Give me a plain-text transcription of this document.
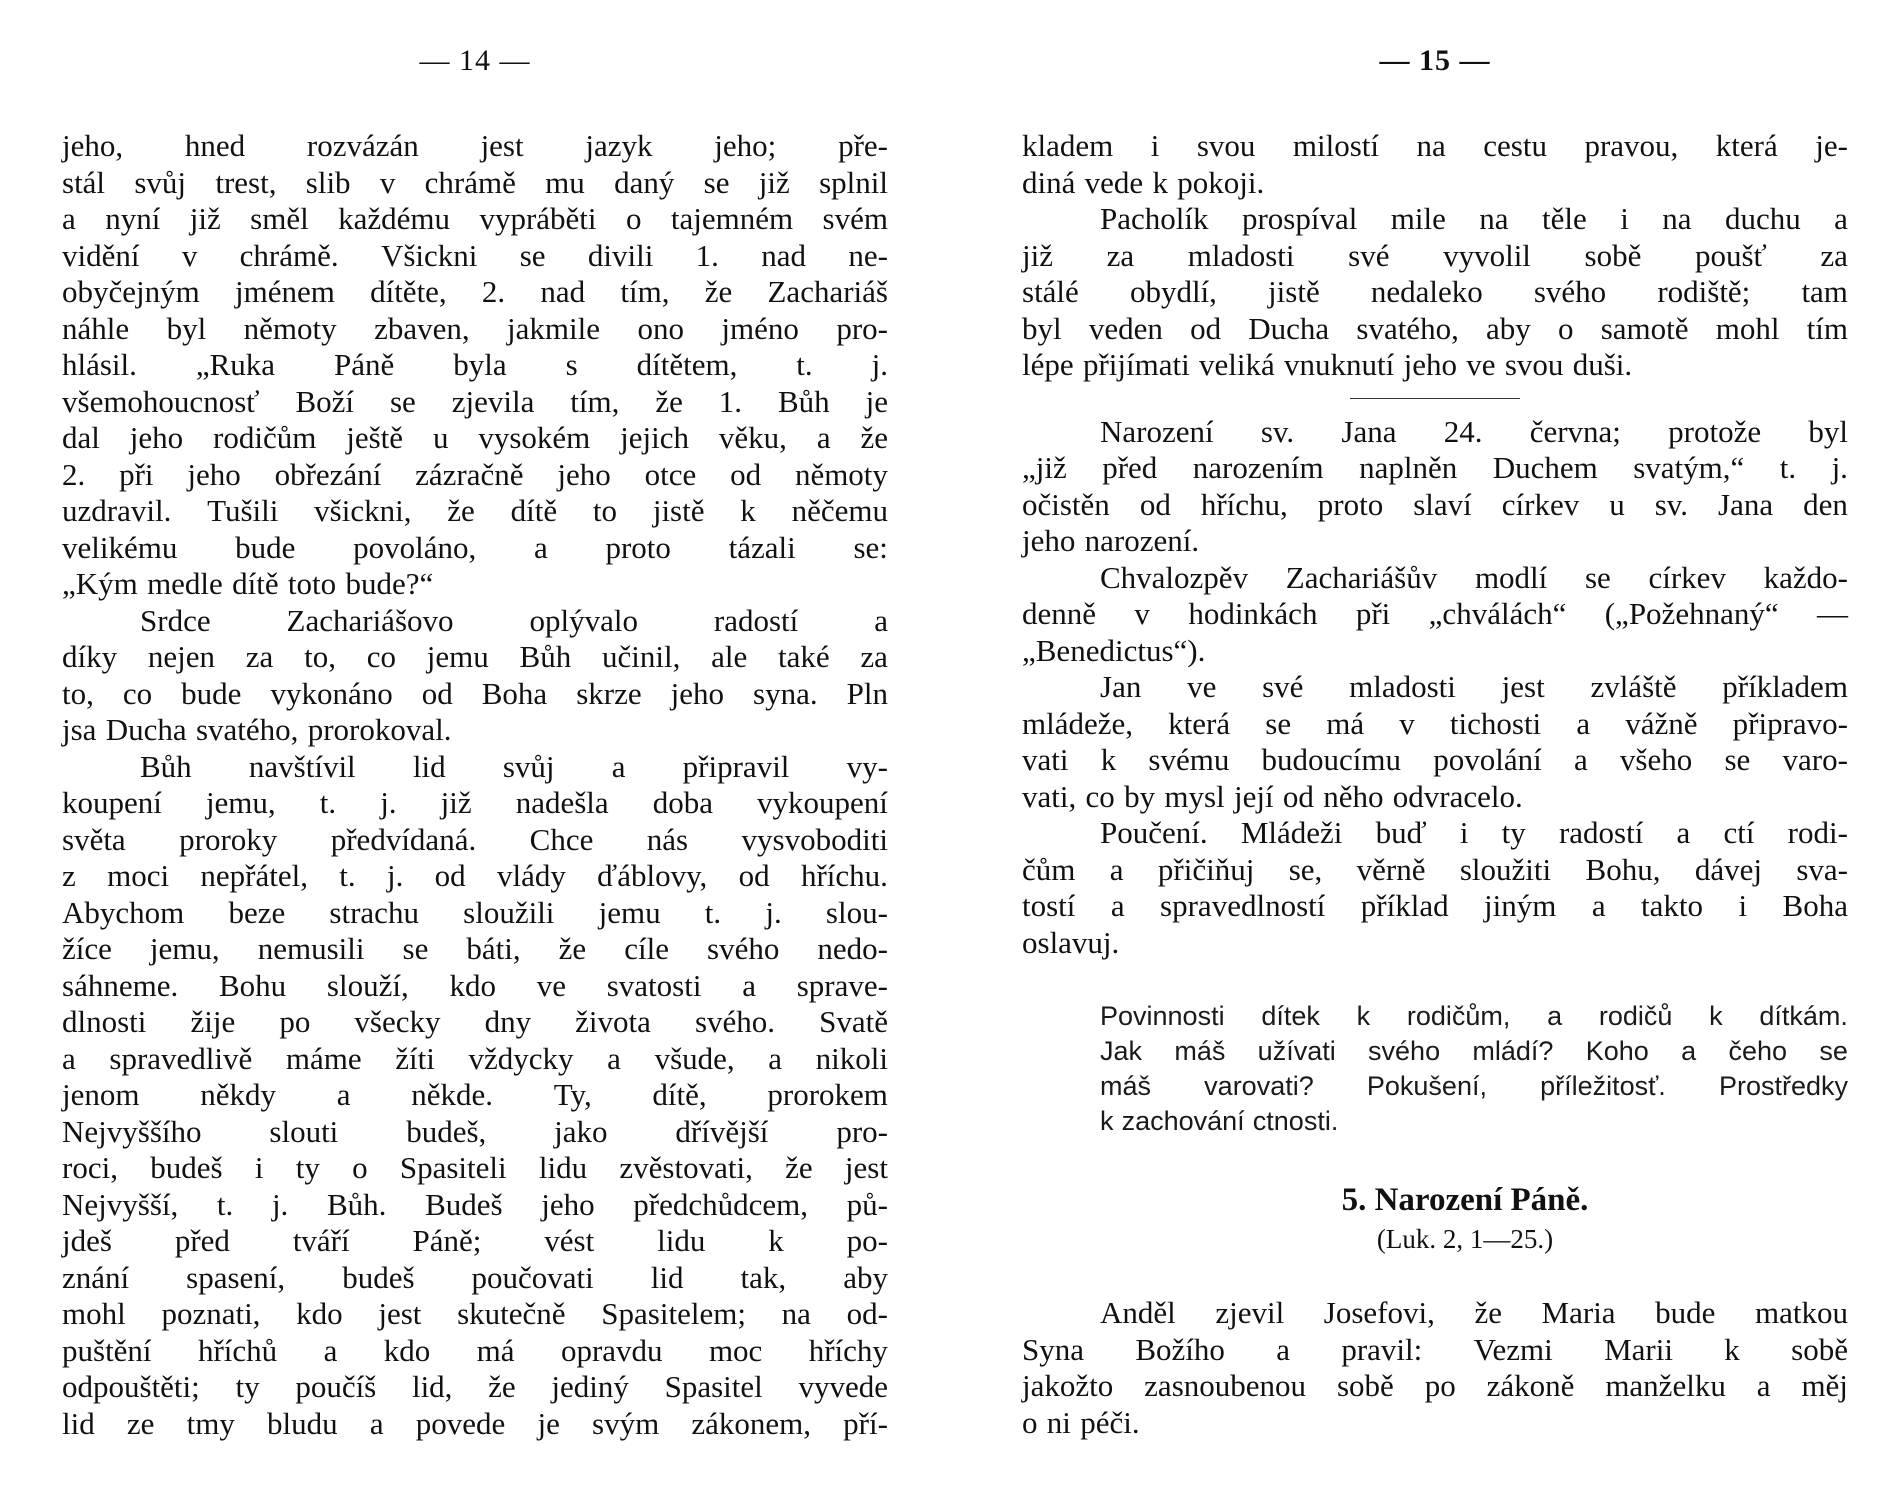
— 14 —
jeho, hned rozvázán jest jazyk jeho; pře-
stál svůj trest, slib v chrámě mu daný se již splnil
a nyní již směl každému vypráběti o tajemném svém
vidění v chrámě. Všickni se divili 1. nad ne-
obyčejným jménem dítěte, 2. nad tím, že Zachariáš
náhle byl němoty zbaven, jakmile ono jméno pro-
hlásil. „Ruka Páně byla s dítětem, t. j.
všemohoucnosť Boží se zjevila tím, že 1. Bůh je
dal jeho rodičům ještě u vysokém jejich věku, a že
2. při jeho obřezání zázračně jeho otce od němoty
uzdravil. Tušili všickni, že dítě to jistě k něčemu
velikému bude povoláno, a proto tázali se:
„Kým medle dítě toto bude?“
Srdce Zachariášovo oplývalo radostí a
díky nejen za to, co jemu Bůh učinil, ale také za
to, co bude vykonáno od Boha skrze jeho syna. Pln
jsa Ducha svatého, prorokoval.
Bůh navštívil lid svůj a připravil vy-
koupení jemu, t. j. již nadešla doba vykoupení
světa proroky předvídaná. Chce nás vysvoboditi
z moci nepřátel, t. j. od vlády ďáblovy, od hříchu.
Abychom beze strachu sloužili jemu t. j. slou-
žíce jemu, nemusili se báti, že cíle svého nedo-
sáhneme. Bohu slouží, kdo ve svatosti a sprave-
dlnosti žije po všecky dny života svého. Svatě
a spravedlivě máme žíti vždycky a všude, a nikoli
jenom někdy a někde. Ty, dítě, prorokem
Nejvyššího slouti budeš, jako dřívější pro-
roci, budeš i ty o Spasiteli lidu zvěstovati, že jest
Nejvyšší, t. j. Bůh. Budeš jeho předchůdcem, pů-
jdeš před tváří Páně; vést lidu k po-
znání spasení, budeš poučovati lid tak, aby
mohl poznati, kdo jest skutečně Spasitelem; na od-
puštění hříchů a kdo má opravdu moc hříchy
odpouštěti; ty poučíš lid, že jediný Spasitel vyvede
lid ze tmy bludu a povede je svým zákonem, pří-
— 15 —
kladem i svou milostí na cestu pravou, která je-
diná vede k pokoji.
Pacholík prospíval mile na těle i na duchu a
již za mladosti své vyvolil sobě poušť za
stálé obydlí, jistě nedaleko svého rodiště; tam
byl veden od Ducha svatého, aby o samotě mohl tím
lépe přijímati veliká vnuknutí jeho ve svou duši.
Narození sv. Jana 24. června; protože byl
„již před narozením naplněn Duchem svatým,“ t. j.
očistěn od hříchu, proto slaví církev u sv. Jana den
jeho narození.
Chvalozpěv Zachariášův modlí se církev každo-
denně v hodinkách při „chválách“ („Požehnaný“ —
„Benedictus“).
Jan ve své mladosti jest zvláště příkladem
mládeže, která se má v tichosti a vážně připravo-
vati k svému budoucímu povolání a všeho se varo-
vati, co by mysl její od něho odvracelo.
Poučení. Mládeži buď i ty radostí a ctí rodi-
čům a přičiňuj se, věrně sloužiti Bohu, dávej sva-
tostí a spravedlností příklad jiným a takto i Boha
oslavuj.
Povinnosti dítek k rodičům, a rodičů k dítkám.
Jak máš užívati svého mládí? Koho a čeho se
máš varovati? Pokušení, příležitosť. Prostředky
k zachování ctnosti.
5. Narození Páně.
(Luk. 2, 1—25.)
Anděl zjevil Josefovi, že Maria bude matkou
Syna Božího a pravil: Vezmi Marii k sobě
jakožto zasnoubenou sobě po zákoně manželku a měj
o ni péči.
